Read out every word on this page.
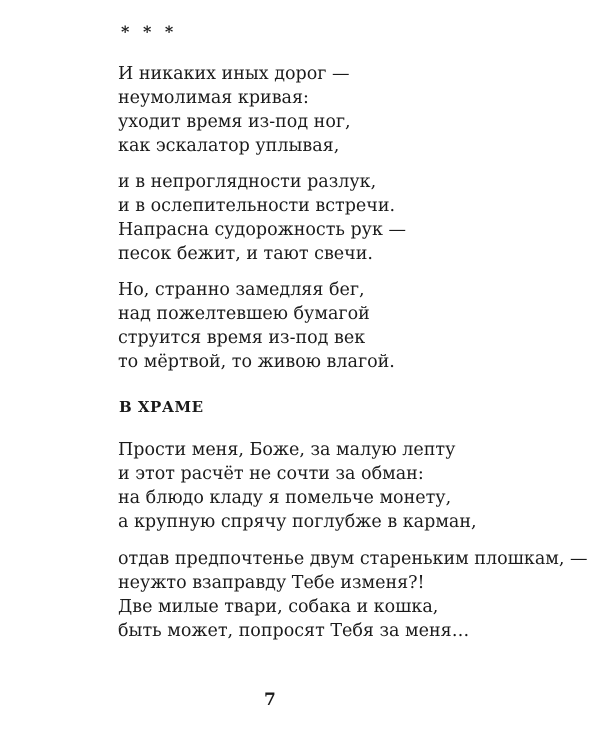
* * *
И никаких иных дорог —
неумолимая кривая:
уходит время из-под ног,
как эскалатор уплывая,
и в непроглядности разлук,
и в ослепительности встречи.
Напрасна судорожность рук —
песок бежит, и тают свечи.
Но, странно замедляя бег,
над пожелтевшею бумагой
струится время из-под век
то мёртвой, то живою влагой.
В ХРАМЕ
Прости меня, Боже, за малую лепту
и этот расчёт не сочти за обман:
на блюдо кладу я помельче монету,
а крупную спрячу поглубже в карман,
отдав предпочтенье двум стареньким плошкам, —
неужто взаправду Тебе изменя?!
Две милые твари, собака и кошка,
быть может, попросят Тебя за меня…
7
